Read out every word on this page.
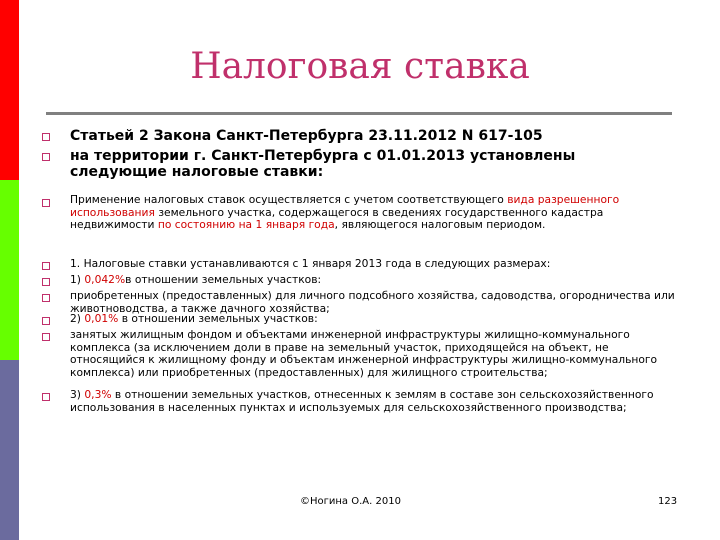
Налоговая ставка
Статьей 2 Закона Санкт-Петербурга 23.11.2012 N 617-105
на территории г. Санкт-Петербурга с 01.01.2013 установлены
следующие налоговые ставки:
Применение налоговых ставок осуществляется с учетом соответствующего вида разрешенного использования земельного участка, содержащегося в сведениях государственного кадастра недвижимости по состоянию на 1 января года, являющегося налоговым периодом.
1. Налоговые ставки устанавливаются с 1 января 2013 года в следующих размерах:
1) 0,042%в отношении земельных участков:
приобретенных (предоставленных) для личного подсобного хозяйства, садоводства, огородничества или животноводства, а также дачного хозяйства;
2) 0,01% в отношении земельных участков:
занятых жилищным фондом и объектами инженерной инфраструктуры жилищно-коммунального комплекса (за исключением доли в праве на земельный участок, приходящейся на объект, не относящийся к жилищному фонду и объектам инженерной инфраструктуры жилищно-коммунального комплекса) или приобретенных (предоставленных) для жилищного строительства;
3) 0,3% в отношении земельных участков, отнесенных к землям в составе зон сельскохозяйственного использования в населенных пунктах и используемых для сельскохозяйственного производства;
©Ногина О.А. 2010	123
